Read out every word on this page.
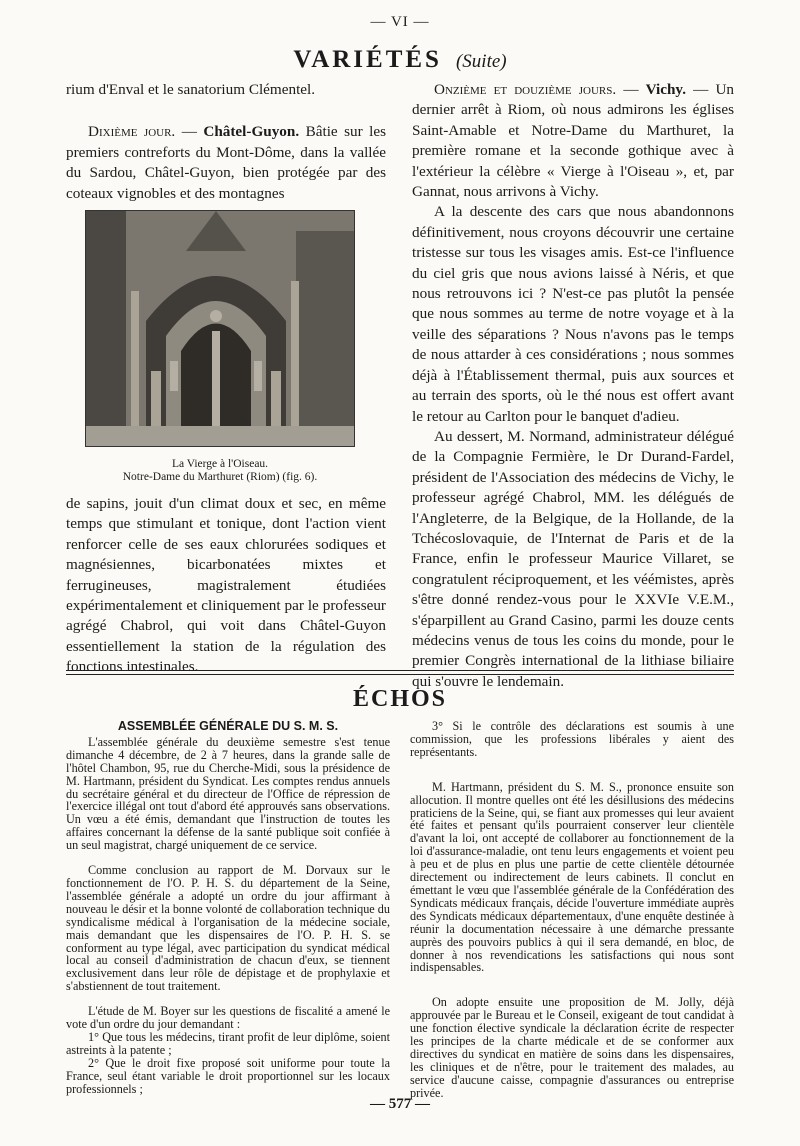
— VI —
VARIÉTÉS (Suite)

rium d'Enval et le sanatorium Clémentel.

Dixième jour. — Châtel-Guyon. Bâtie sur les premiers contreforts du Mont-Dôme, dans la vallée du Sardou, Châtel-Guyon, bien protégée par des coteaux vignobles et des montagnes

La Vierge à l'Oiseau.
Notre-Dame du Marthuret (Riom) (fig. 6).

de sapins, jouit d'un climat doux et sec, en même temps que stimulant et tonique, dont l'action vient renforcer celle de ses eaux chlorurées sodiques et magnésiennes, bicarbonatées mixtes et ferrugineuses, magistralement étudiées expérimentalement et cliniquement par le professeur agrégé Chabrol, qui voit dans Châtel-Guyon essentiellement la station de la régulation des fonctions intestinales.

Onzième et douzième jours. — Vichy. — Un dernier arrêt à Riom, où nous admirons les églises Saint-Amable et Notre-Dame du Marthuret, la première romane et la seconde gothique avec à l'extérieur la célèbre « Vierge à l'Oiseau », et, par Gannat, nous arrivons à Vichy.

A la descente des cars que nous abandonnons définitivement, nous croyons découvrir une certaine tristesse sur tous les visages amis. Est-ce l'influence du ciel gris que nous avions laissé à Néris, et que nous retrouvons ici ? N'est-ce pas plutôt la pensée que nous sommes au terme de notre voyage et à la veille des séparations ? Nous n'avons pas le temps de nous attarder à ces considérations ; nous sommes déjà à l'Établissement thermal, puis aux sources et au terrain des sports, où le thé nous est offert avant le retour au Carlton pour le banquet d'adieu.

Au dessert, M. Normand, administrateur délégué de la Compagnie Fermière, le Dr Durand-Fardel, président de l'Association des médecins de Vichy, le professeur agrégé Chabrol, MM. les délégués de l'Angleterre, de la Belgique, de la Hollande, de la Tchécoslovaquie, de l'Internat de Paris et de la France, enfin le professeur Maurice Villaret, se congratulent réciproquement, et les véémistes, après s'être donné rendez-vous pour le XXVIe V.E.M., s'éparpillent au Grand Casino, parmi les douze cents médecins venus de tous les coins du monde, pour le premier Congrès international de la lithiase biliaire qui s'ouvre le lendemain.

ÉCHOS
ASSEMBLÉE GÉNÉRALE DU S. M. S.

L'assemblée générale du deuxième semestre s'est tenue dimanche 4 décembre, de 2 à 7 heures, dans la grande salle de l'hôtel Chambon, 95, rue du Cherche-Midi, sous la présidence de M. Hartmann, président du Syndicat. Les comptes rendus annuels du secrétaire général et du directeur de l'Office de répression de l'exercice illégal ont tout d'abord été approuvés sans observations. Un vœu a été émis, demandant que l'instruction de toutes les affaires concernant la défense de la santé publique soit confiée à un seul magistrat, chargé uniquement de ce service.

Comme conclusion au rapport de M. Dorvaux sur le fonctionnement de l'O. P. H. S. du département de la Seine, l'assemblée générale a adopté un ordre du jour affirmant à nouveau le désir et la bonne volonté de collaboration technique du syndicalisme médical à l'organisation de la médecine sociale, mais demandant que les dispensaires de l'O. P. H. S. se conforment au type légal, avec participation du syndicat médical local au conseil d'administration de chacun d'eux, se tiennent exclusivement dans leur rôle de dépistage et de prophylaxie et s'abstiennent de tout traitement.

L'étude de M. Boyer sur les questions de fiscalité a amené le vote d'un ordre du jour demandant :

1° Que tous les médecins, tirant profit de leur diplôme, soient astreints à la patente ;

2° Que le droit fixe proposé soit uniforme pour toute la France, seul étant variable le droit proportionnel sur les locaux professionnels ;

3° Si le contrôle des déclarations est soumis à une commission, que les professions libérales y aient des représentants.

M. Hartmann, président du S. M. S., prononce ensuite son allocution. Il montre quelles ont été les désillusions des médecins praticiens de la Seine, qui, se fiant aux promesses qui leur avaient été faites et pensant qu'ils pourraient conserver leur clientèle d'avant la loi, ont accepté de collaborer au fonctionnement de la loi d'assurance-maladie, ont tenu leurs engagements et voient peu à peu et de plus en plus une partie de cette clientèle détournée directement ou indirectement de leurs cabinets. Il conclut en émettant le vœu que l'assemblée générale de la Confédération des Syndicats médicaux français, décide l'ouverture immédiate auprès des Syndicats médicaux départementaux, d'une enquête destinée à réunir la documentation nécessaire à une démarche pressante auprès des pouvoirs publics à qui il sera demandé, en bloc, de donner à nos revendications les satisfactions qui nous sont indispensables.

On adopte ensuite une proposition de M. Jolly, déjà approuvée par le Bureau et le Conseil, exigeant de tout candidat à une fonction élective syndicale la déclaration écrite de respecter les principes de la charte médicale et de se conformer aux directives du syndicat en matière de soins dans les dispensaires, les cliniques et de n'être, pour le traitement des malades, au service d'aucune caisse, compagnie d'assurances ou entreprise privée.

— 577 —
